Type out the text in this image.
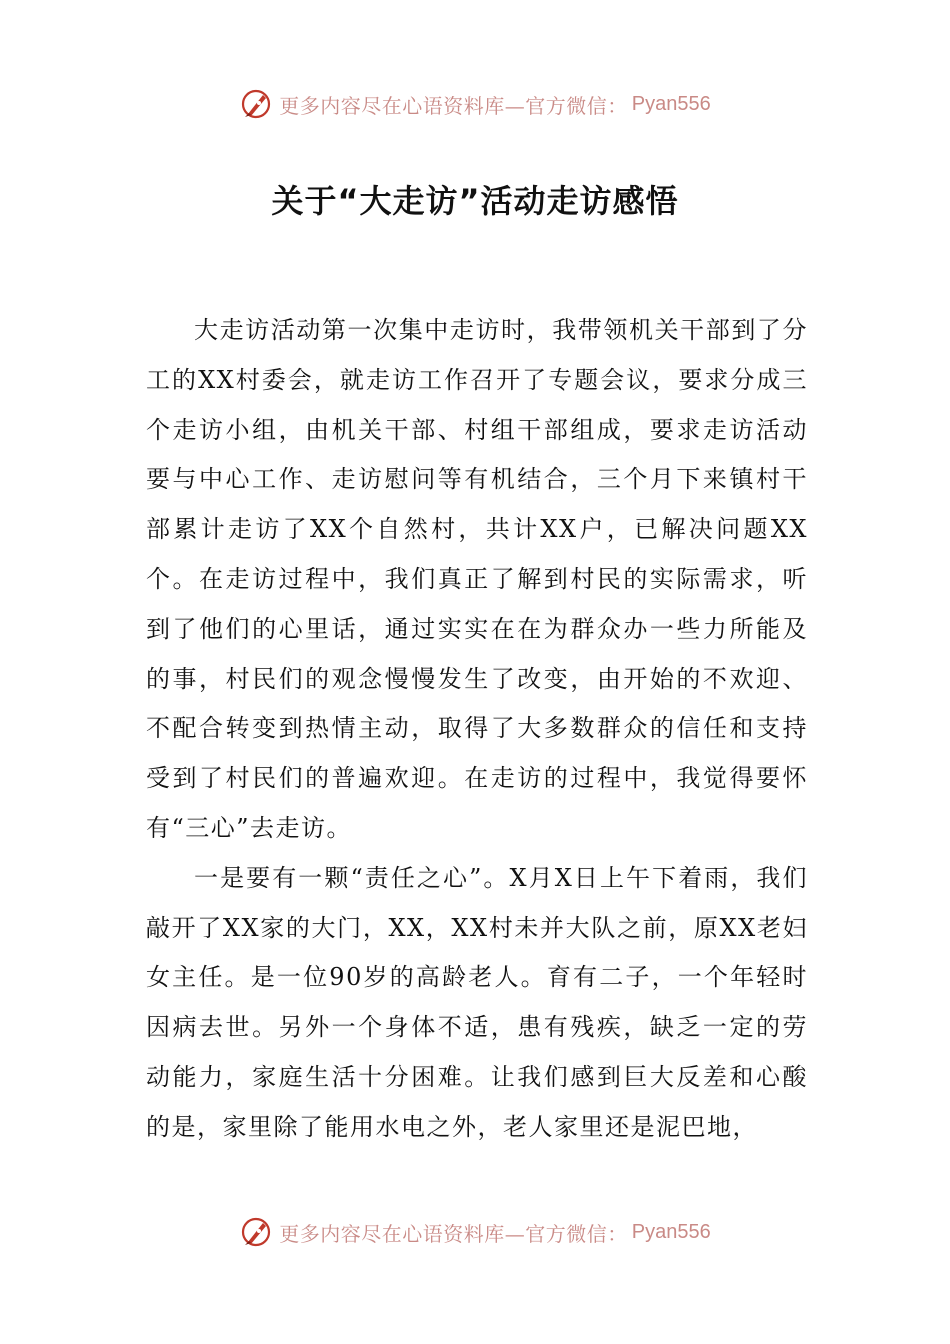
更多内容尽在心语资料库—官方微信： Pyan556
关于“大走访”活动走访感悟

大走访活动第一次集中走访时，我带领机关干部到了分工的XX村委会，就走访工作召开了专题会议，要求分成三个走访小组，由机关干部、村组干部组成，要求走访活动要与中心工作、走访慰问等有机结合，三个月下来镇村干部累计走访了XX个自然村，共计XX户，已解决问题XX个。在走访过程中，我们真正了解到村民的实际需求，听到了他们的心里话，通过实实在在为群众办一些力所能及的事，村民们的观念慢慢发生了改变，由开始的不欢迎、不配合转变到热情主动，取得了大多数群众的信任和支持受到了村民们的普遍欢迎。在走访的过程中，我觉得要怀有“三心”去走访。

一是要有一颗“责任之心”。X月X日上午下着雨，我们敲开了XX家的大门，XX，XX村未并大队之前，原XX老妇女主任。是一位90岁的高龄老人。育有二子，一个年轻时因病去世。另外一个身体不适，患有残疾，缺乏一定的劳动能力，家庭生活十分困难。让我们感到巨大反差和心酸的是，家里除了能用水电之外，老人家里还是泥巴地，

更多内容尽在心语资料库—官方微信： Pyan556
